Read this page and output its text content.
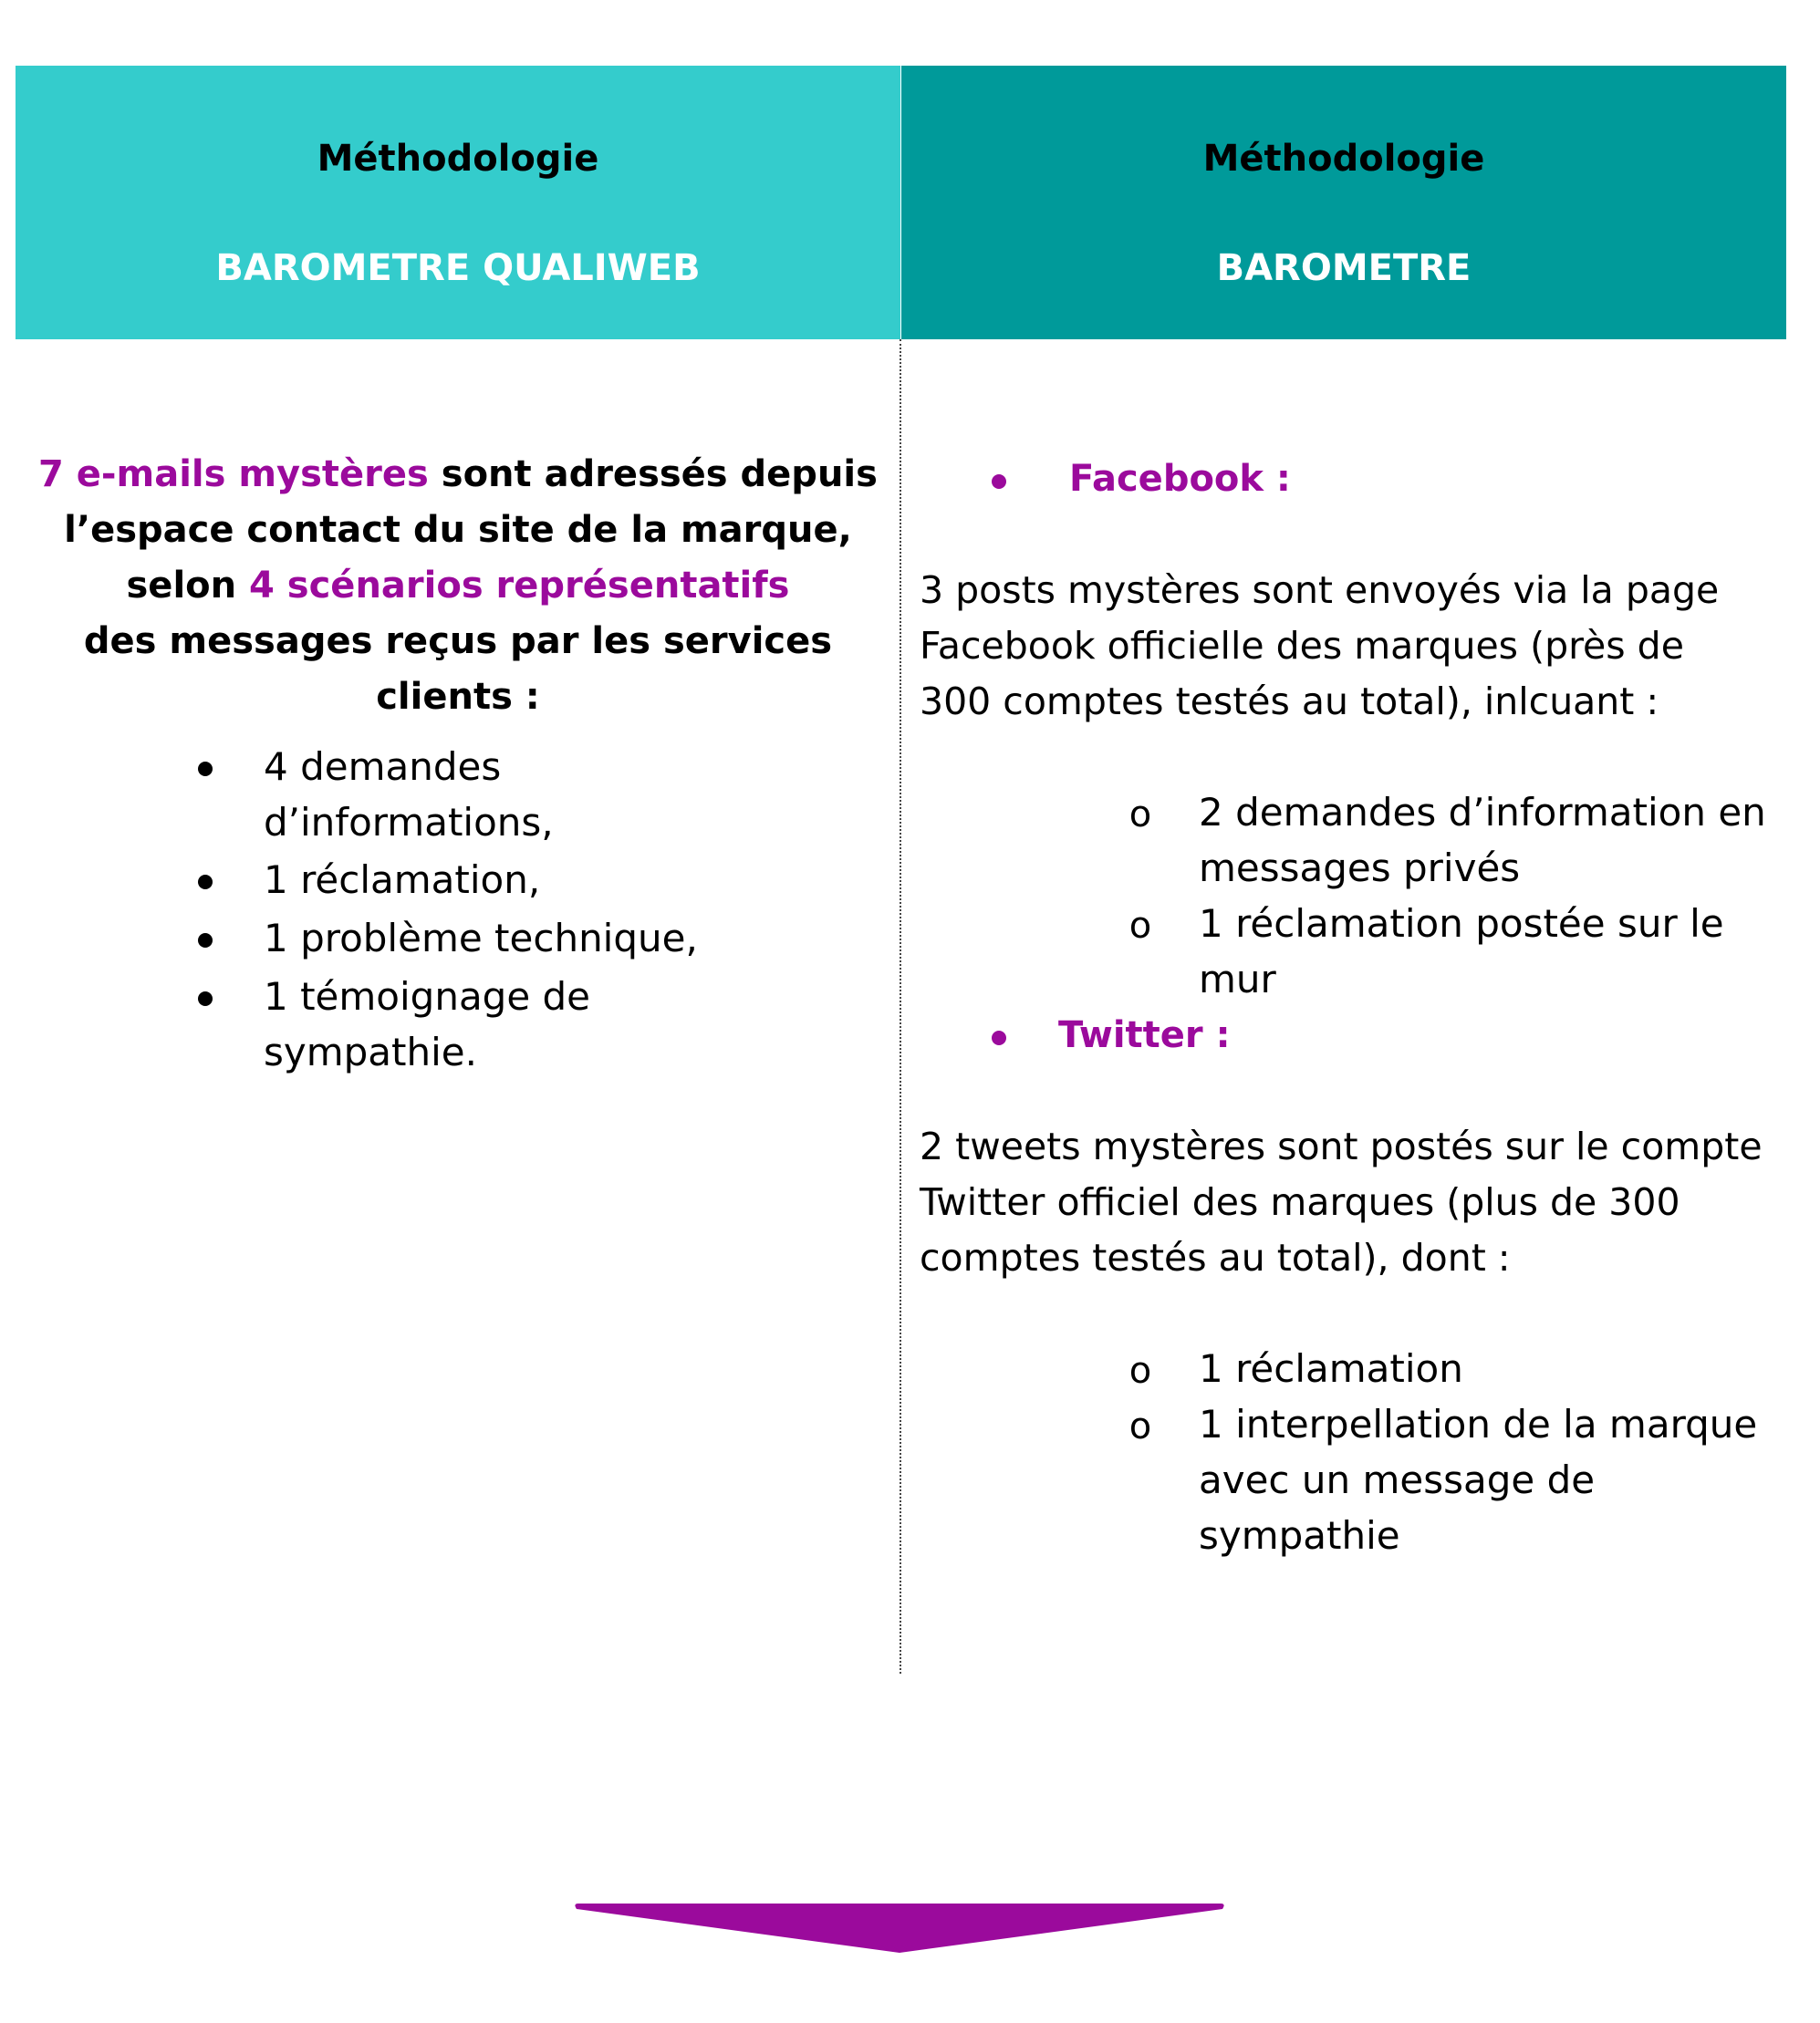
Méthodologie
BAROMETRE QUALIWEB
Méthodologie
BAROMETRE
QUALIWEB SOCIAL MEDIA
7 e-mails mystères sont adressés depuis
l’espace contact du site de la marque,
selon 4 scénarios représentatifs
des messages reçus par les services clients :
4 demandes
d’informations,
1 réclamation,
1 problème technique,
1 témoignage de
sympathie.
Facebook :
3 posts mystères sont envoyés via la page
Facebook officielle des marques (près de
300 comptes testés au total), inlcuant :
o 2 demandes d’information en
messages privés
o 1 réclamation postée sur le
mur
Twitter :
2 tweets mystères sont postés sur le compte
Twitter officiel des marques (plus de 300
comptes testés au total), dont :
o 1 réclamation
o 1 interpellation de la marque
avec un message de
sympathie
